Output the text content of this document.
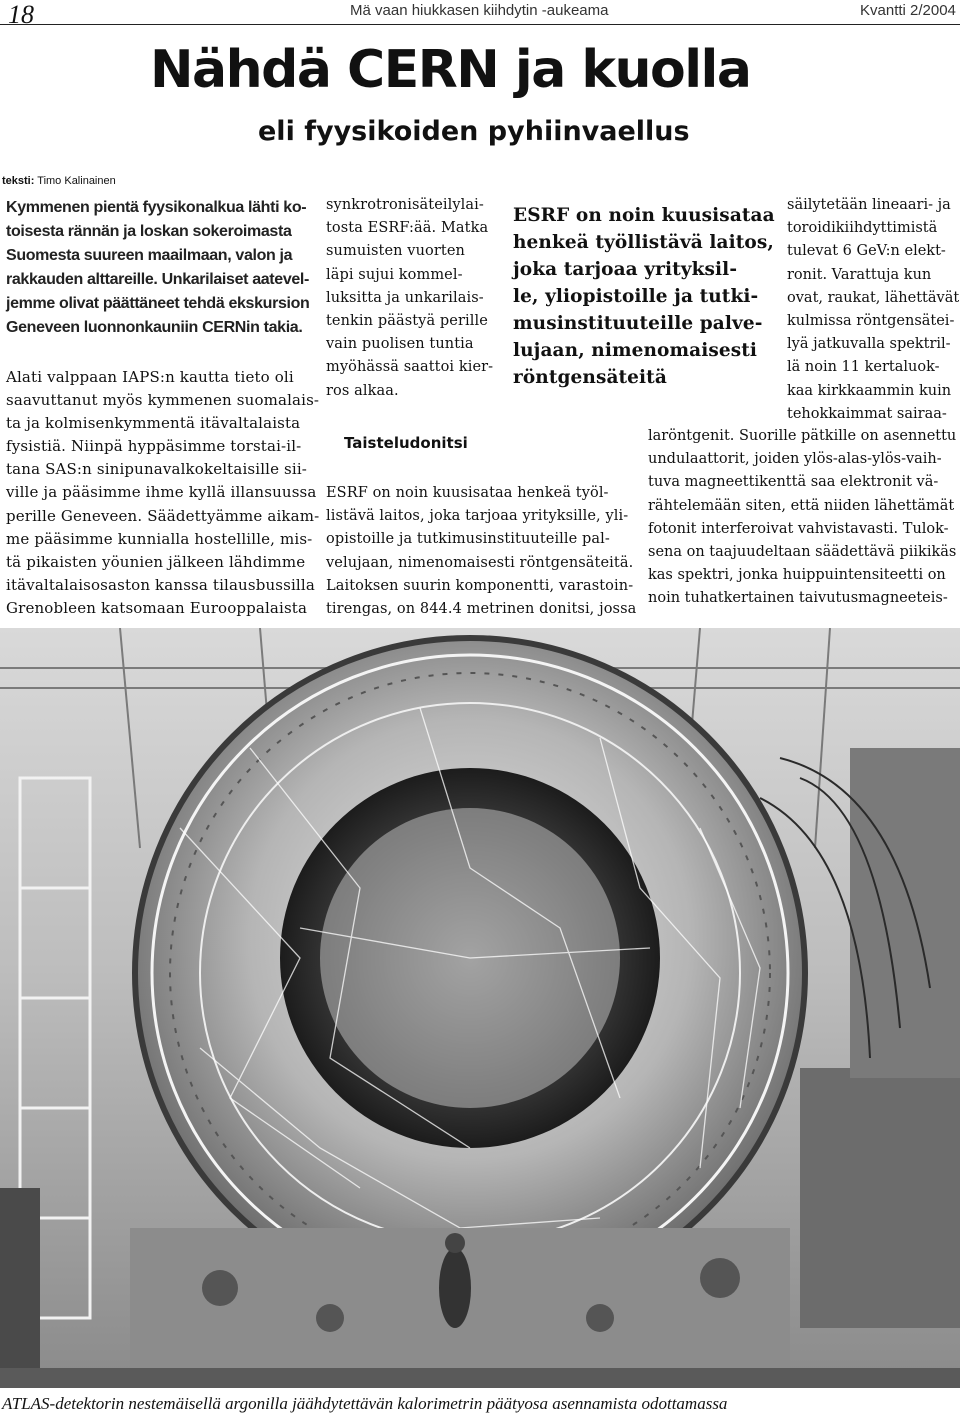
18	Mä vaan hiukkasen kiihdytin -aukeama	Kvantti 2/2004
Nähdä CERN ja kuolla
eli fyysikoiden pyhiinvaellus
teksti: Timo Kalinainen
Kymmenen pientä fyysikonalkua lähti ko-
toisesta rännän ja loskan sokeroimasta
Suomesta suureen maailmaan, valon ja
rakkauden alttareille. Unkarilaiset aatevel-
jemme olivat päättäneet tehdä ekskursion
Geneveen luonnonkauniin CERNin takia.
Alati valppaan IAPS:n kautta tieto oli
saavuttanut myös kymmenen suomalais-
ta ja kolmisenkymmentä itävaltalaista
fysistiä. Niinpä hyppäsimme torstai-il-
tana SAS:n sinipunavalkokeltaisille sii-
ville ja pääsimme ihme kyllä illansuussa
perille Geneveen. Säädettyämme aikam-
me pääsimme kunnialla hostellille, mis-
tä pikaisten yöunien jälkeen lähdimme
itävaltalaisosaston kanssa tilausbussilla
Grenobleen katsomaan Eurooppalaista
synkrotronisäteilylai-
tosta ESRF:ää. Matka
sumuisten vuorten
läpi sujui kommel-
luksitta ja unkarilais-
tenkin päästyä perille
vain puolisen tuntia
myöhässä saattoi kier-
ros alkaa.
Taisteludonitsi
ESRF on noin kuusisataa henkeä työl-
listävä laitos, joka tarjoaa yrityksille, yli-
opistoille ja tutkimusinstituuteille pal-
velujaan, nimenomaisesti röntgensäteitä.
Laitoksen suurin komponentti, varastoin-
tirengas, on 844.4 metrinen donitsi, jossa
ESRF on noin kuusisataa
henkeä työllistävä laitos,
joka tarjoaa yrityksil-
le, yliopistoille ja tutki-
musinstituuteille palve-
lujaan, nimenomaisesti
röntgensäteitä
säilytetään lineaari- ja
toroidikiihdyttimistä
tulevat 6 GeV:n elekt-
ronit. Varattuja kun
ovat, raukat, lähettävät
kulmissa röntgensätei-
lyä jatkuvalla spektril-
lä noin 11 kertaluok-
kaa kirkkaammin kuin
tehokkaimmat sairaa-
laröntgenit. Suorille pätkille on asennettu
undulaattorit, joiden ylös-alas-ylös-vaih-
tuva magneettikenttä saa elektronit vä-
rähtelemään siten, että niiden lähettämät
fotonit interferoivat vahvistavasti. Tulok-
sena on taajuudeltaan säädettävä piikikäs
kas spektri, jonka huippuintensiteetti on
noin tuhatkertainen taivutusmagneeteis-
ATLAS-detektorin nestemäisellä argonilla jäähdytettävän kalorimetrin päätyosa asennamista odottamassa
